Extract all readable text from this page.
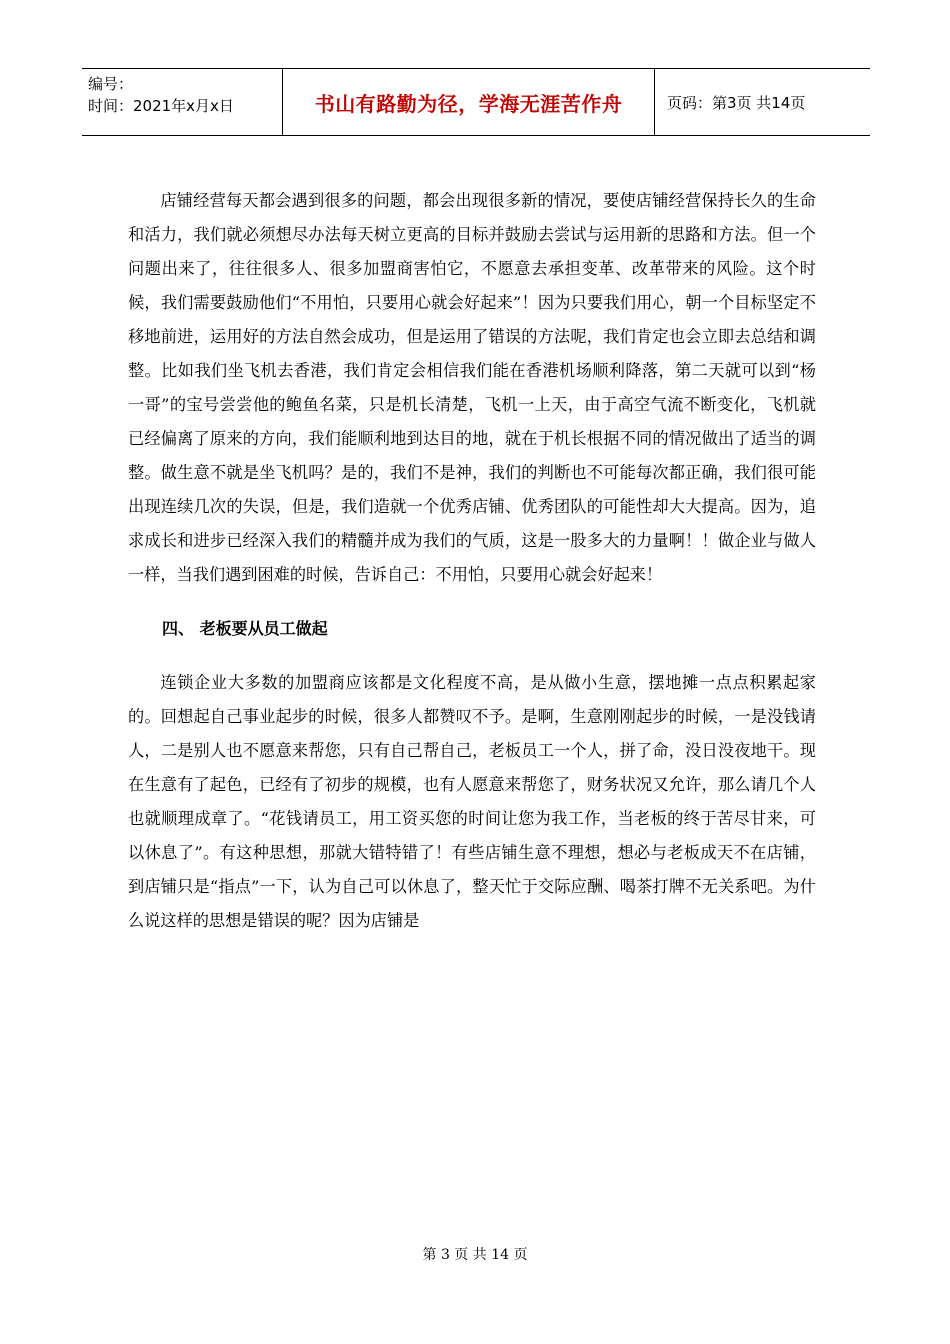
编号：
时间：2021年x月x日	书山有路勤为径，学海无涯苦作舟	页码：第3页 共14页

店铺经营每天都会遇到很多的问题，都会出现很多新的情况，要使店铺经营保持长久的生命和活力，我们就必须想尽办法每天树立更高的目标并鼓励去尝试与运用新的思路和方法。但一个问题出来了，往往很多人、很多加盟商害怕它，不愿意去承担变革、改革带来的风险。这个时候，我们需要鼓励他们“不用怕，只要用心就会好起来”！因为只要我们用心，朝一个目标坚定不移地前进，运用好的方法自然会成功，但是运用了错误的方法呢，我们肯定也会立即去总结和调整。比如我们坐飞机去香港，我们肯定会相信我们能在香港机场顺利降落，第二天就可以到“杨一哥”的宝号尝尝他的鲍鱼名菜，只是机长清楚，飞机一上天，由于高空气流不断变化，飞机就已经偏离了原来的方向，我们能顺利地到达目的地，就在于机长根据不同的情况做出了适当的调整。做生意不就是坐飞机吗？是的，我们不是神，我们的判断也不可能每次都正确，我们很可能出现连续几次的失误，但是，我们造就一个优秀店铺、优秀团队的可能性却大大提高。因为，追求成长和进步已经深入我们的精髓并成为我们的气质，这是一股多大的力量啊！！做企业与做人一样，当我们遇到困难的时候，告诉自己：不用怕，只要用心就会好起来！

四、 老板要从员工做起

连锁企业大多数的加盟商应该都是文化程度不高，是从做小生意，摆地摊一点点积累起家的。回想起自己事业起步的时候，很多人都赞叹不予。是啊，生意刚刚起步的时候，一是没钱请人，二是别人也不愿意来帮您，只有自己帮自己，老板员工一个人，拼了命，没日没夜地干。现在生意有了起色，已经有了初步的规模，也有人愿意来帮您了，财务状况又允许，那么请几个人也就顺理成章了。“花钱请员工，用工资买您的时间让您为我工作，当老板的终于苦尽甘来，可以休息了”。有这种思想，那就大错特错了！有些店铺生意不理想，想必与老板成天不在店铺，到店铺只是“指点”一下，认为自己可以休息了，整天忙于交际应酬、喝茶打牌不无关系吧。为什么说这样的思想是错误的呢？因为店铺是

第 3 页 共 14 页
